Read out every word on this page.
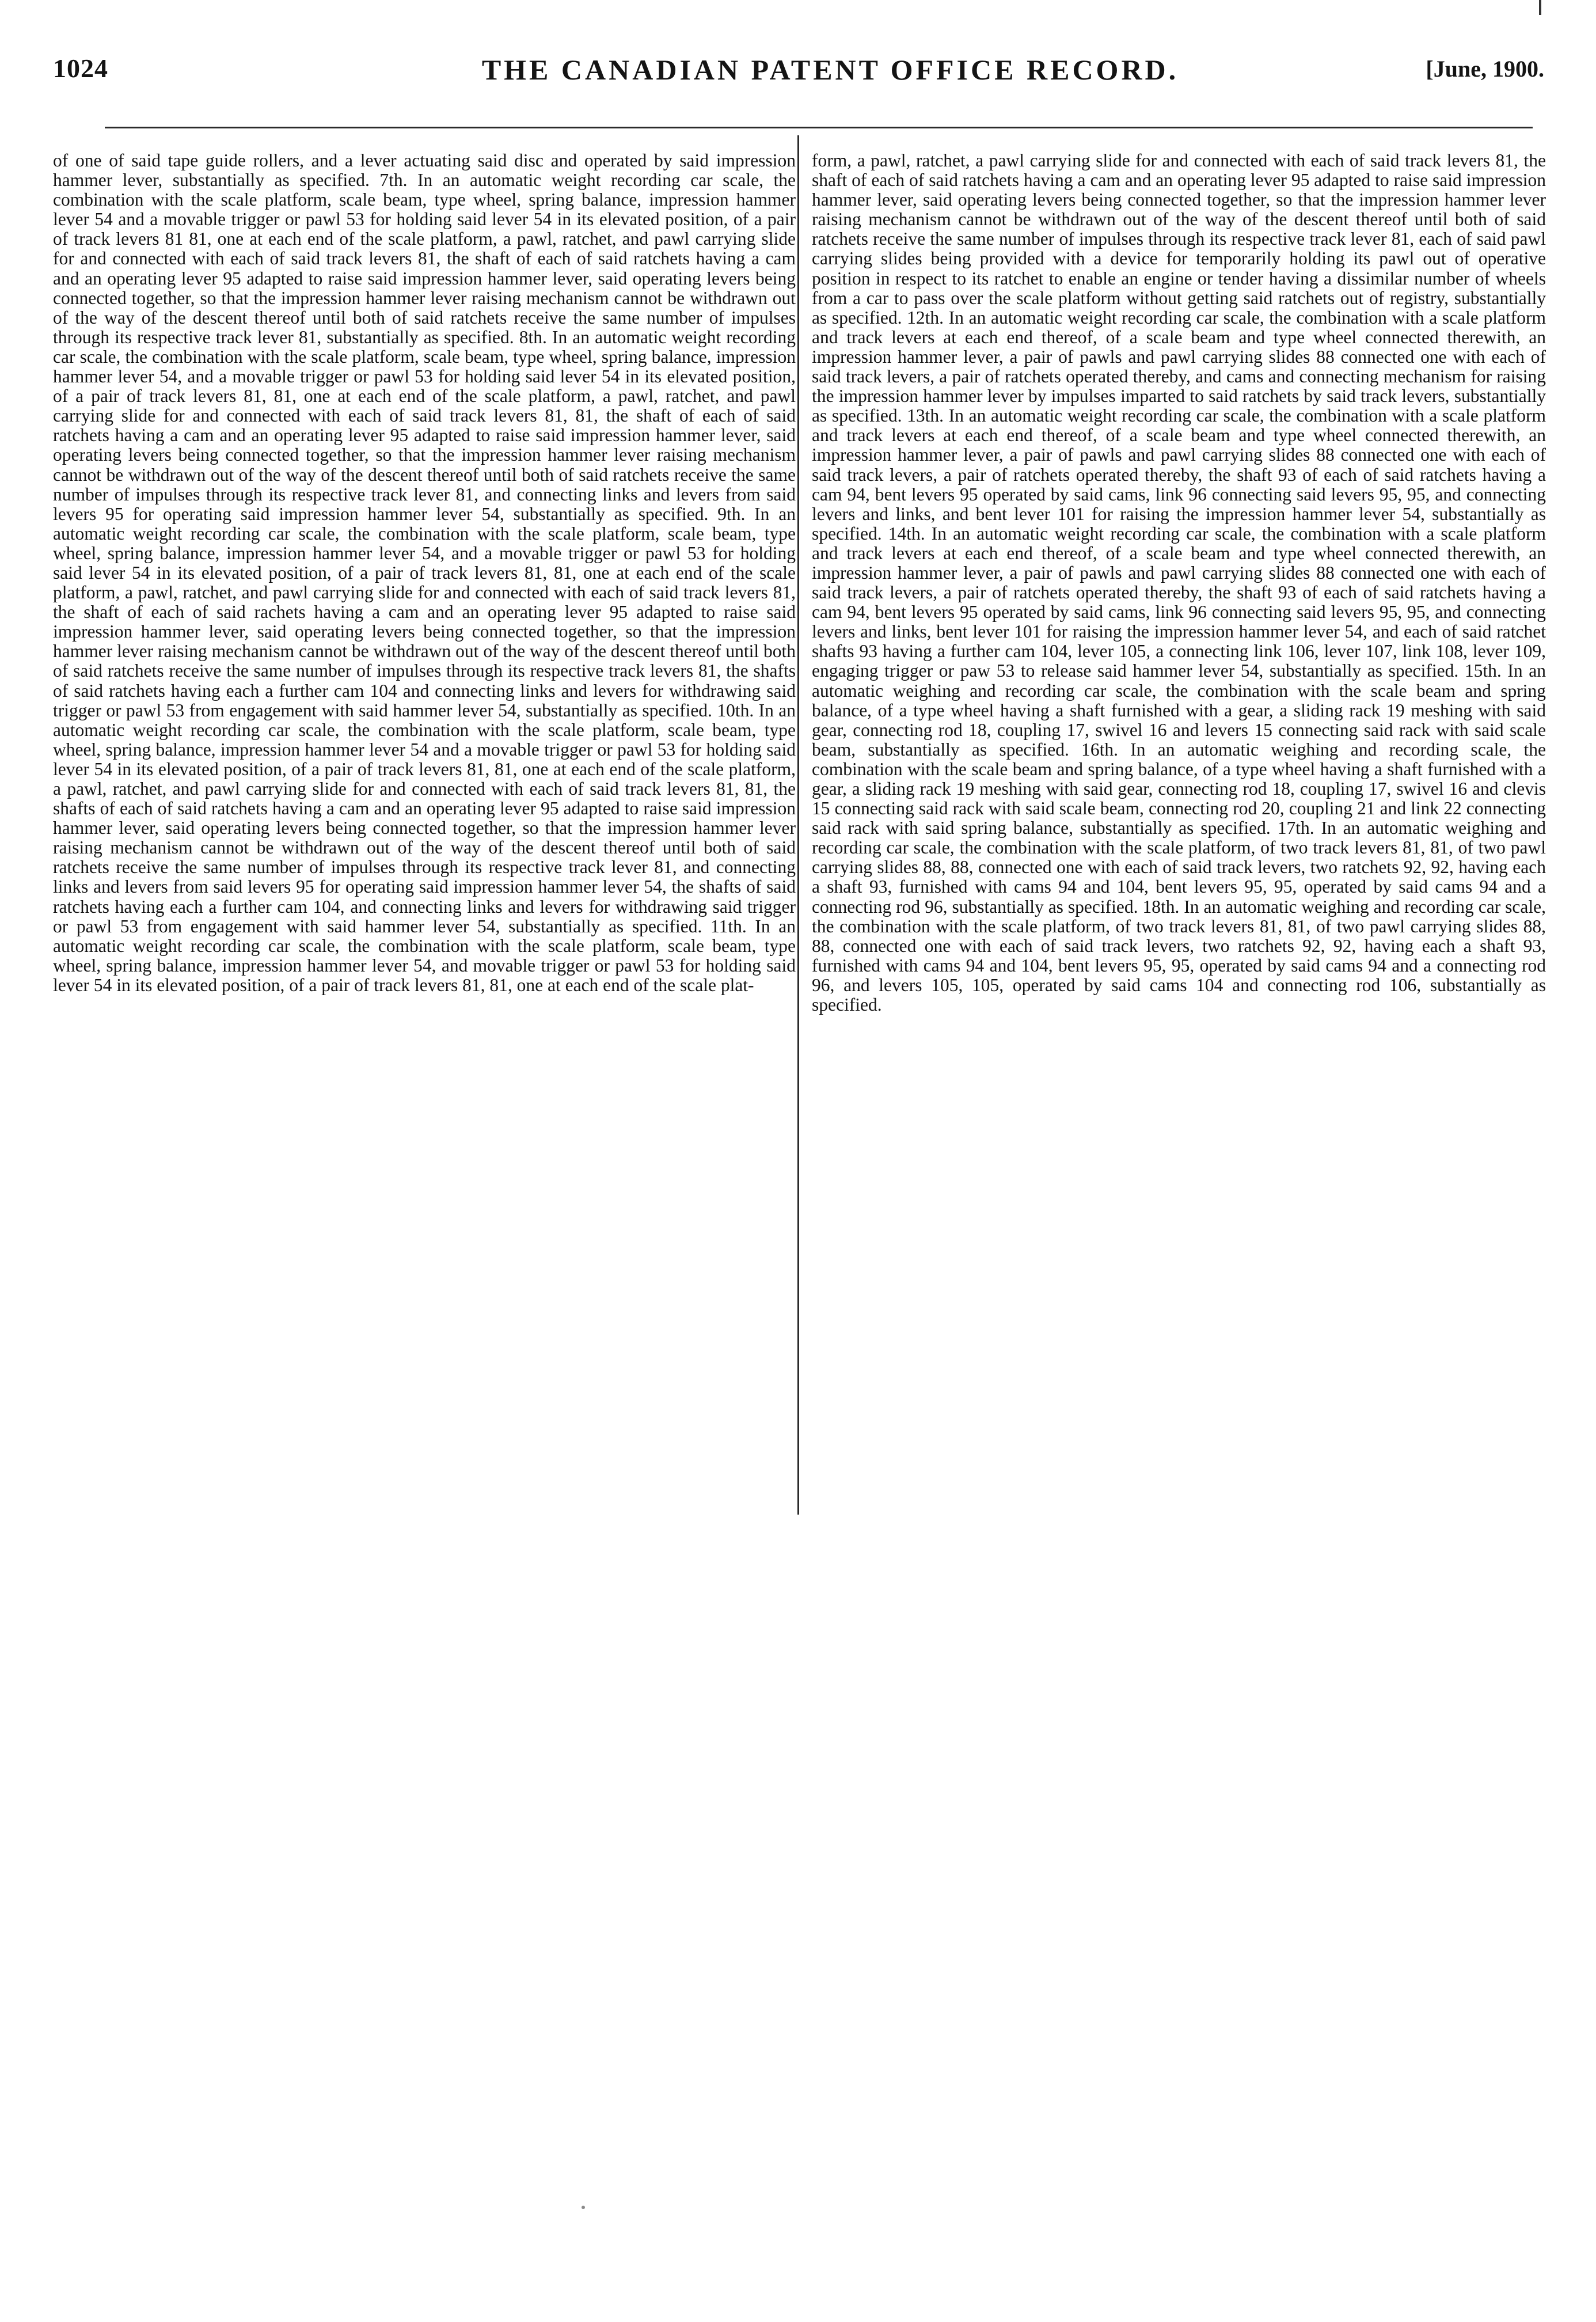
1024	THE CANADIAN PATENT OFFICE RECORD.	[June, 1900.

of one of said tape guide rollers, and a lever actuating said disc and operated by said impression hammer lever, substantially as specified. 7th. In an automatic weight recording car scale, the combination with the scale platform, scale beam, type wheel, spring balance, impression hammer lever 54 and a movable trigger or pawl 53 for holding said lever 54 in its elevated position, of a pair of track levers 81 81, one at each end of the scale platform, a pawl, ratchet, and pawl carrying slide for and connected with each of said track levers 81, the shaft of each of said ratchets having a cam and an operating lever 95 adapted to raise said impression hammer lever, said operating levers being connected together, so that the impression hammer lever raising mechanism cannot be withdrawn out of the way of the descent thereof until both of said ratchets receive the same number of impulses through its respective track lever 81, substantially as specified. 8th. In an automatic weight recording car scale, the combination with the scale platform, scale beam, type wheel, spring balance, impression hammer lever 54, and a movable trigger or pawl 53 for holding said lever 54 in its elevated position, of a pair of track levers 81, 81, one at each end of the scale platform, a pawl, ratchet, and pawl carrying slide for and connected with each of said track levers 81, 81, the shaft of each of said ratchets having a cam and an operating lever 95 adapted to raise said impression hammer lever, said operating levers being connected together, so that the impression hammer lever raising mechanism cannot be withdrawn out of the way of the descent thereof until both of said ratchets receive the same number of impulses through its respective track lever 81, and connecting links and levers from said levers 95 for operating said impression hammer lever 54, substantially as specified. 9th. In an automatic weight recording car scale, the combination with the scale platform, scale beam, type wheel, spring balance, impression hammer lever 54, and a movable trigger or pawl 53 for holding said lever 54 in its elevated position, of a pair of track levers 81, 81, one at each end of the scale platform, a pawl, ratchet, and pawl carrying slide for and connected with each of said track levers 81, the shaft of each of said rachets having a cam and an operating lever 95 adapted to raise said impression hammer lever, said operating levers being connected together, so that the impression hammer lever raising mechanism cannot be withdrawn out of the way of the descent thereof until both of said ratchets receive the same number of impulses through its respective track levers 81, the shafts of said ratchets having each a further cam 104 and connecting links and levers for withdrawing said trigger or pawl 53 from engagement with said hammer lever 54, substantially as specified. 10th. In an automatic weight recording car scale, the combination with the scale platform, scale beam, type wheel, spring balance, impression hammer lever 54 and a movable trigger or pawl 53 for holding said lever 54 in its elevated position, of a pair of track levers 81, 81, one at each end of the scale platform, a pawl, ratchet, and pawl carrying slide for and connected with each of said track levers 81, 81, the shafts of each of said ratchets having a cam and an operating lever 95 adapted to raise said impression hammer lever, said operating levers being connected together, so that the impression hammer lever raising mechanism cannot be withdrawn out of the way of the descent thereof until both of said ratchets receive the same number of impulses through its respective track lever 81, and connecting links and levers from said levers 95 for operating said impression hammer lever 54, the shafts of said ratchets having each a further cam 104, and connecting links and levers for withdrawing said trigger or pawl 53 from engagement with said hammer lever 54, substantially as specified. 11th. In an automatic weight recording car scale, the combination with the scale platform, scale beam, type wheel, spring balance, impression hammer lever 54, and movable trigger or pawl 53 for holding said lever 54 in its elevated position, of a pair of track levers 81, 81, one at each end of the scale plat-

form, a pawl, ratchet, a pawl carrying slide for and connected with each of said track levers 81, the shaft of each of said ratchets having a cam and an operating lever 95 adapted to raise said impression hammer lever, said operating levers being connected together, so that the impression hammer lever raising mechanism cannot be withdrawn out of the way of the descent thereof until both of said ratchets receive the same number of impulses through its respective track lever 81, each of said pawl carrying slides being provided with a device for temporarily holding its pawl out of operative position in respect to its ratchet to enable an engine or tender having a dissimilar number of wheels from a car to pass over the scale platform without getting said ratchets out of registry, substantially as specified. 12th. In an automatic weight recording car scale, the combination with a scale platform and track levers at each end thereof, of a scale beam and type wheel connected therewith, an impression hammer lever, a pair of pawls and pawl carrying slides 88 connected one with each of said track levers, a pair of ratchets operated thereby, and cams and connecting mechanism for raising the impression hammer lever by impulses imparted to said ratchets by said track levers, substantially as specified. 13th. In an automatic weight recording car scale, the combination with a scale platform and track levers at each end thereof, of a scale beam and type wheel connected therewith, an impression hammer lever, a pair of pawls and pawl carrying slides 88 connected one with each of said track levers, a pair of ratchets operated thereby, the shaft 93 of each of said ratchets having a cam 94, bent levers 95 operated by said cams, link 96 connecting said levers 95, 95, and connecting levers and links, and bent lever 101 for raising the impression hammer lever 54, substantially as specified. 14th. In an automatic weight recording car scale, the combination with a scale platform and track levers at each end thereof, of a scale beam and type wheel connected therewith, an impression hammer lever, a pair of pawls and pawl carrying slides 88 connected one with each of said track levers, a pair of ratchets operated thereby, the shaft 93 of each of said ratchets having a cam 94, bent levers 95 operated by said cams, link 96 connecting said levers 95, 95, and connecting levers and links, bent lever 101 for raising the impression hammer lever 54, and each of said ratchet shafts 93 having a further cam 104, lever 105, a connecting link 106, lever 107, link 108, lever 109, engaging trigger or paw 53 to release said hammer lever 54, substantially as specified. 15th. In an automatic weighing and recording car scale, the combination with the scale beam and spring balance, of a type wheel having a shaft furnished with a gear, a sliding rack 19 meshing with said gear, connecting rod 18, coupling 17, swivel 16 and levers 15 connecting said rack with said scale beam, substantially as specified. 16th. In an automatic weighing and recording scale, the combination with the scale beam and spring balance, of a type wheel having a shaft furnished with a gear, a sliding rack 19 meshing with said gear, connecting rod 18, coupling 17, swivel 16 and clevis 15 connecting said rack with said scale beam, connecting rod 20, coupling 21 and link 22 connecting said rack with said spring balance, substantially as specified. 17th. In an automatic weighing and recording car scale, the combination with the scale platform, of two track levers 81, 81, of two pawl carrying slides 88, 88, connected one with each of said track levers, two ratchets 92, 92, having each a shaft 93, furnished with cams 94 and 104, bent levers 95, 95, operated by said cams 94 and a connecting rod 96, substantially as specified. 18th. In an automatic weighing and recording car scale, the combination with the scale platform, of two track levers 81, 81, of two pawl carrying slides 88, 88, connected one with each of said track levers, two ratchets 92, 92, having each a shaft 93, furnished with cams 94 and 104, bent levers 95, 95, operated by said cams 94 and a connecting rod 96, and levers 105, 105, operated by said cams 104 and connecting rod 106, substantially as specified.
